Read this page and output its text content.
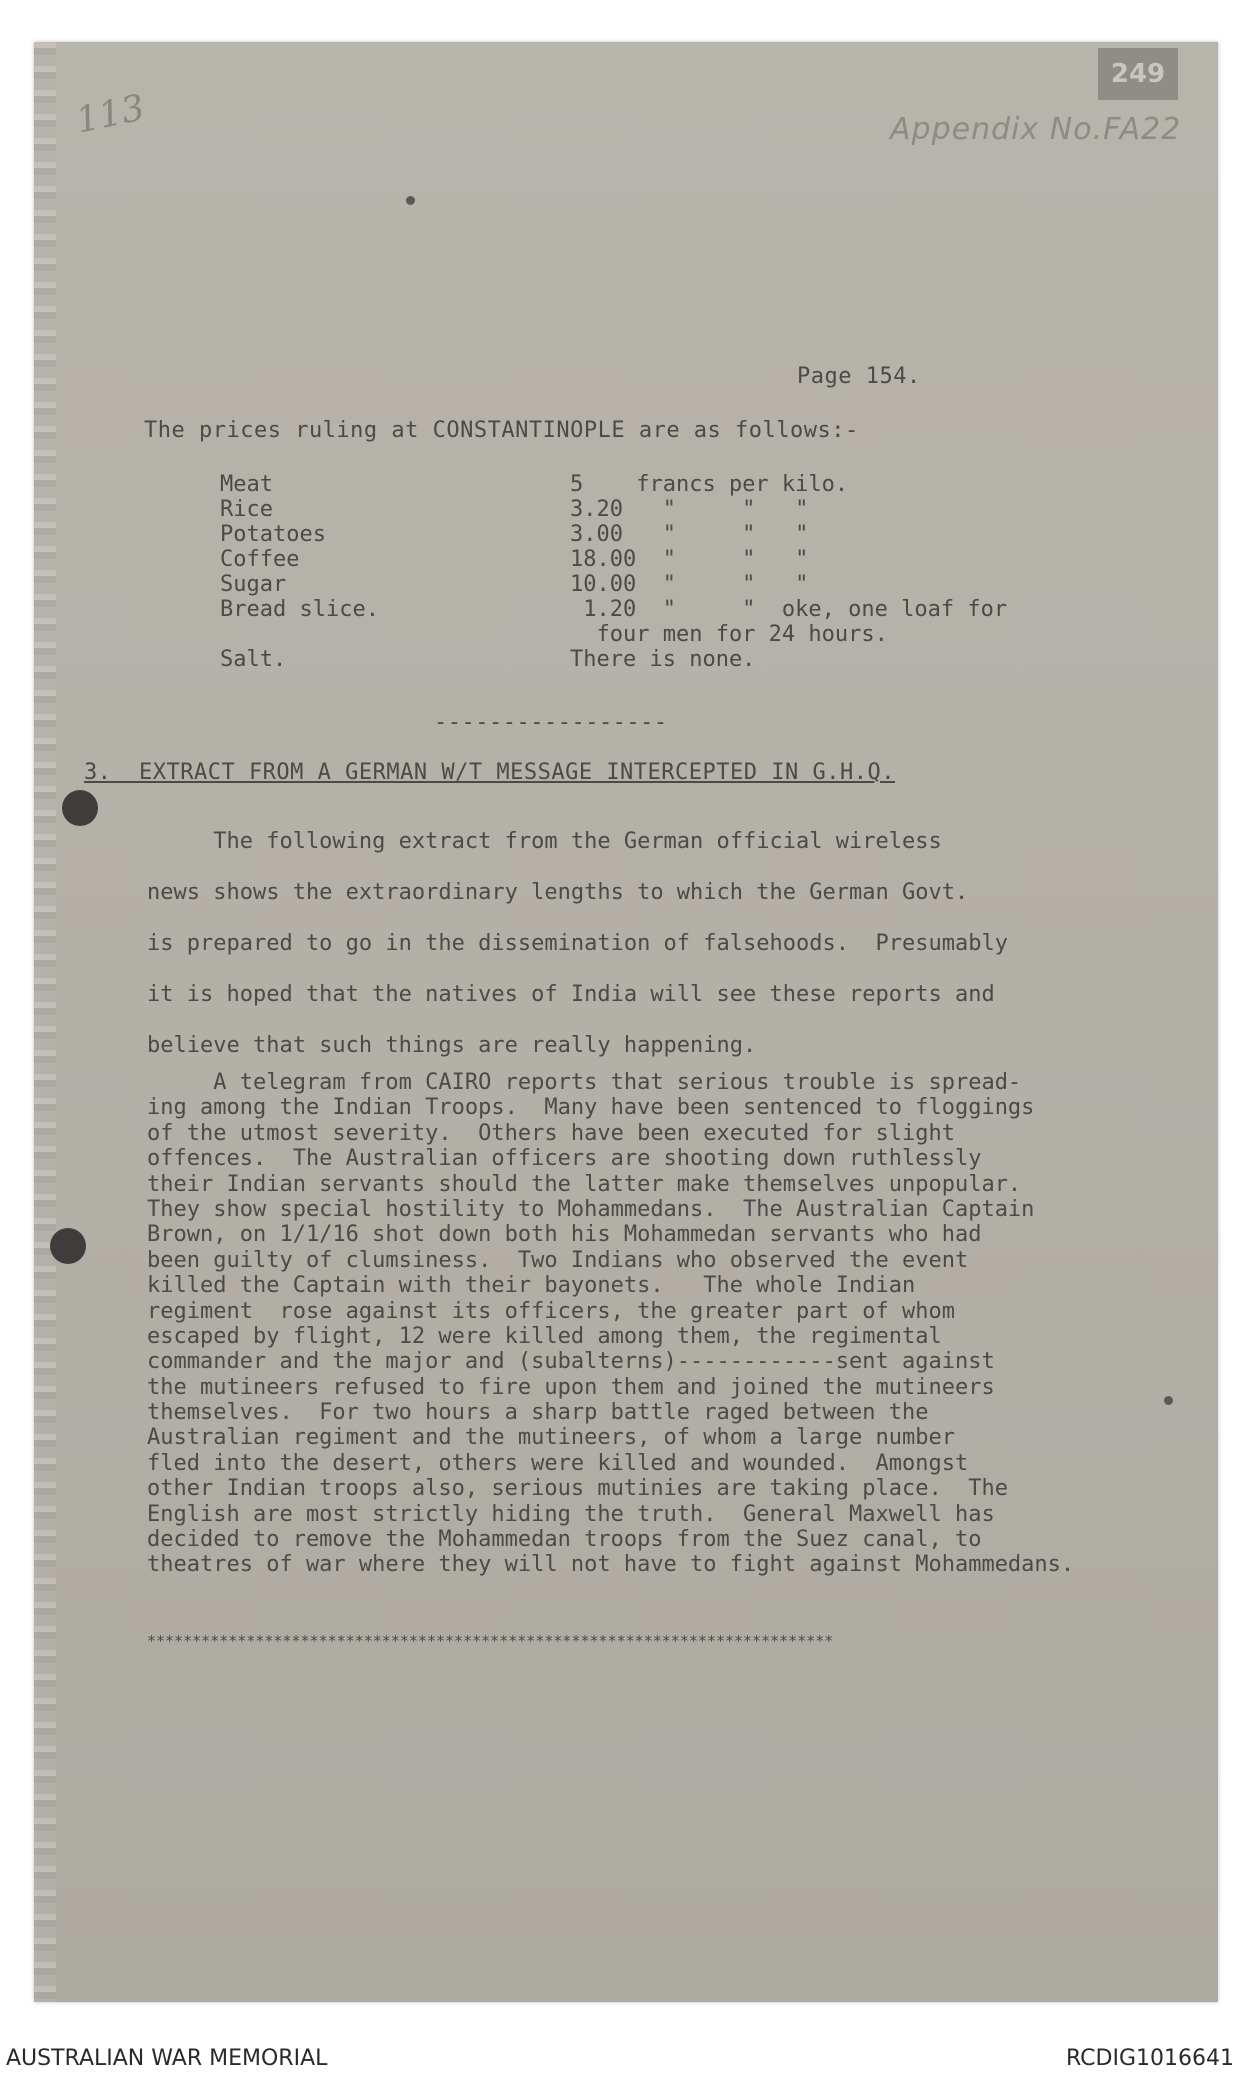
249
113	Appendix No.FA22
Page 154.
The prices ruling at CONSTANTINOPLE are as follows:-
Meat	5    francs per kilo.
Rice	3.20   "     "   "
Potatoes	3.00   "     "   "
Coffee	18.00  "     "   "
Sugar	10.00  "     "   "
Bread slice.	1.20  "     "  oke, one loaf for
four men for 24 hours.
Salt.	There is none.
-----------------
3.  EXTRACT FROM A GERMAN W/T MESSAGE INTERCEPTED IN G.H.Q.
The following extract from the German official wireless
news shows the extraordinary lengths to which the German Govt.
is prepared to go in the dissemination of falsehoods.  Presumably
it is hoped that the natives of India will see these reports and
believe that such things are really happening.
A telegram from CAIRO reports that serious trouble is spread-
ing among the Indian Troops.  Many have been sentenced to floggings
of the utmost severity.  Others have been executed for slight
offences.  The Australian officers are shooting down ruthlessly
their Indian servants should the latter make themselves unpopular.
They show special hostility to Mohammedans.  The Australian Captain
Brown, on 1/1/16 shot down both his Mohammedan servants who had
been guilty of clumsiness.  Two Indians who observed the event
killed the Captain with their bayonets.   The whole Indian
regiment  rose against its officers, the greater part of whom
escaped by flight, 12 were killed among them, the regimental
commander and the major and (subalterns)------------sent against
the mutineers refused to fire upon them and joined the mutineers
themselves.  For two hours a sharp battle raged between the
Australian regiment and the mutineers, of whom a large number
fled into the desert, others were killed and wounded.  Amongst
other Indian troops also, serious mutinies are taking place.  The
English are most strictly hiding the truth.  General Maxwell has
decided to remove the Mohammedan troops from the Suez canal, to
theatres of war where they will not have to fight against Mohammedans.
****************************************************************************
AUSTRALIAN WAR MEMORIAL	RCDIG1016641
